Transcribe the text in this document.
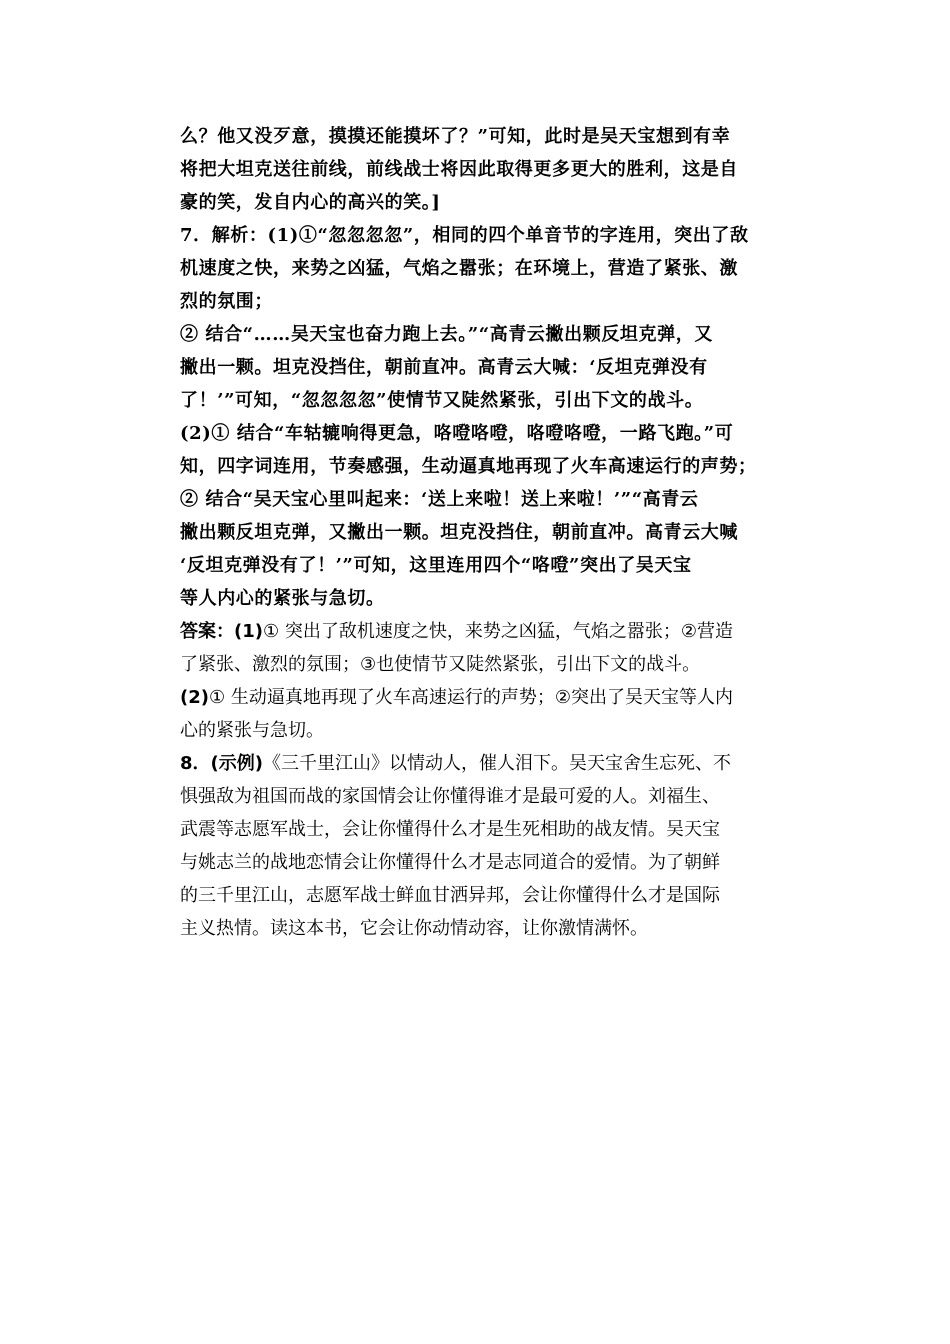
么？他又没歹意，摸摸还能摸坏了？”可知，此时是吴天宝想到有幸
将把大坦克送往前线，前线战士将因此取得更多更大的胜利，这是自
豪的笑，发自内心的高兴的笑。]
7．解析：(1)①“忽忽忽忽”，相同的四个单音节的字连用，突出了敌
机速度之快，来势之凶猛，气焰之嚣张；在环境上，营造了紧张、激
烈的氛围；
② 结合“……吴天宝也奋力跑上去。”“高青云撇出颗反坦克弹，又
撇出一颗。坦克没挡住，朝前直冲。高青云大喊：‘反坦克弹没有
了！’”可知，“忽忽忽忽”使情节又陡然紧张，引出下文的战斗。
(2)① 结合“车轱辘响得更急，咯噔咯噔，咯噔咯噔，一路飞跑。”可
知，四字词连用，节奏感强，生动逼真地再现了火车高速运行的声势；
② 结合“吴天宝心里叫起来：‘送上来啦！送上来啦！’”“高青云
撇出颗反坦克弹，又撇出一颗。坦克没挡住，朝前直冲。高青云大喊
‘反坦克弹没有了！’”可知，这里连用四个“咯噔”突出了吴天宝
等人内心的紧张与急切。
答案：(1)① 突出了敌机速度之快，来势之凶猛，气焰之嚣张；②营造
了紧张、激烈的氛围；③也使情节又陡然紧张，引出下文的战斗。
(2)① 生动逼真地再现了火车高速运行的声势；②突出了吴天宝等人内
心的紧张与急切。
8．(示例)《三千里江山》以情动人，催人泪下。吴天宝舍生忘死、不
惧强敌为祖国而战的家国情会让你懂得谁才是最可爱的人。刘福生、
武震等志愿军战士，会让你懂得什么才是生死相助的战友情。吴天宝
与姚志兰的战地恋情会让你懂得什么才是志同道合的爱情。为了朝鲜
的三千里江山，志愿军战士鲜血甘洒异邦，会让你懂得什么才是国际
主义热情。读这本书，它会让你动情动容，让你激情满怀。
